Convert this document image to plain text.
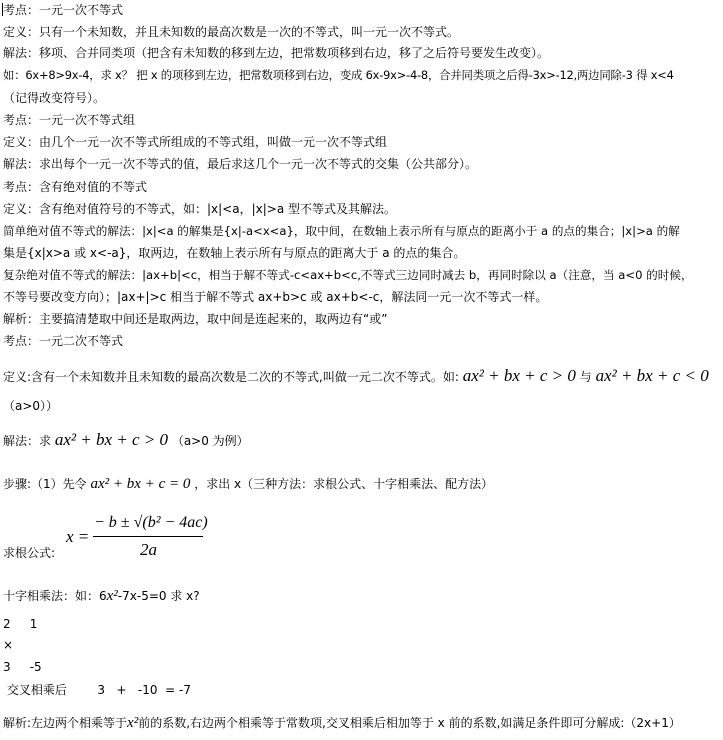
考点：一元一次不等式
定义：只有一个未知数，并且未知数的最高次数是一次的不等式，叫一元一次不等式。
解法：移项、合并同类项（把含有未知数的移到左边，把常数项移到右边，移了之后符号要发生改变）。
如：6x+8>9x-4，求 x？ 把 x 的项移到左边，把常数项移到右边，变成 6x-9x>-4-8，合并同类项之后得-3x>-12,两边同除-3 得 x<4
（记得改变符号）。
考点：一元一次不等式组
定义：由几个一元一次不等式所组成的不等式组，叫做一元一次不等式组
解法：求出每个一元一次不等式的值，最后求这几个一元一次不等式的交集（公共部分）。
考点：含有绝对值的不等式
定义：含有绝对值符号的不等式，如：|x|<a，|x|>a 型不等式及其解法。
简单绝对值不等式的解法：|x|<a 的解集是{x|-a<x<a}，取中间，在数轴上表示所有与原点的距离小于 a 的点的集合；|x|>a 的解
集是{x|x>a 或 x<-a}，取两边，在数轴上表示所有与原点的距离大于 a 的点的集合。
复杂绝对值不等式的解法：|ax+b|<c，相当于解不等式-c<ax+b<c,不等式三边同时减去 b，再同时除以 a（注意，当 a<0 的时候，
不等号要改变方向）；|ax+|>c 相当于解不等式 ax+b>c 或 ax+b<-c，解法同一元一次不等式一样。
解析：主要搞清楚取中间还是取两边，取中间是连起来的，取两边有“或”
考点：一元二次不等式
定义:含有一个未知数并且未知数的最高次数是二次的不等式,叫做一元二次不等式。如: ax² + bx + c > 0 与 ax² + bx + c < 0
（a>0））
解法：求 ax² + bx + c > 0 （a>0 为例）
步骤:（1）先令 ax² + bx + c = 0 ，求出 x（三种方法：求根公式、十字相乘法、配方法）
求根公式:
x =
− b ± √(b² − 4ac)
2a
十字相乘法：如：6x²-7x-5=0 求 x?
2     1
×
3     -5
交叉相乘后        3   +   -10  = -7
解析:左边两个相乘等于x²前的系数,右边两个相乘等于常数项,交叉相乘后相加等于 x 前的系数,如满足条件即可分解成:（2x+1）
